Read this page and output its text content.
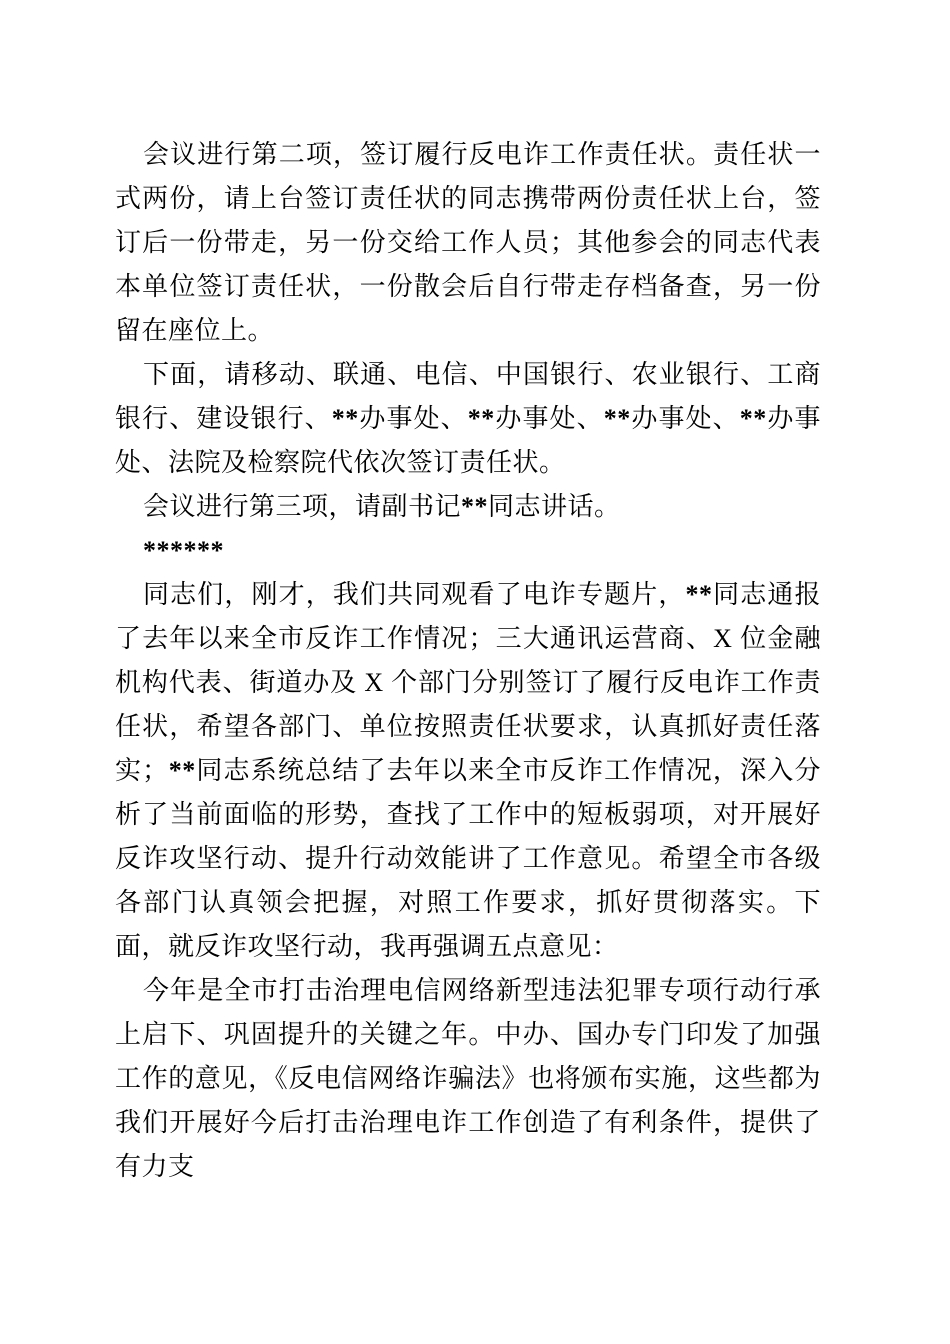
会议进行第二项，签订履行反电诈工作责任状。责任状一式两份，请上台签订责任状的同志携带两份责任状上台，签订后一份带走，另一份交给工作人员；其他参会的同志代表本单位签订责任状，一份散会后自行带走存档备查，另一份留在座位上。

下面，请移动、联通、电信、中国银行、农业银行、工商银行、建设银行、**办事处、**办事处、**办事处、**办事处、法院及检察院代依次签订责任状。

会议进行第三项，请副书记**同志讲话。

******

同志们，刚才，我们共同观看了电诈专题片，**同志通报了去年以来全市反诈工作情况；三大通讯运营商、X 位金融机构代表、街道办及 X 个部门分别签订了履行反电诈工作责任状，希望各部门、单位按照责任状要求，认真抓好责任落实；**同志系统总结了去年以来全市反诈工作情况，深入分析了当前面临的形势，查找了工作中的短板弱项，对开展好反诈攻坚行动、提升行动效能讲了工作意见。希望全市各级各部门认真领会把握，对照工作要求，抓好贯彻落实。下面，就反诈攻坚行动，我再强调五点意见：

今年是全市打击治理电信网络新型违法犯罪专项行动行承上启下、巩固提升的关键之年。中办、国办专门印发了加强工作的意见，《反电信网络诈骗法》也将颁布实施，这些都为我们开展好今后打击治理电诈工作创造了有利条件，提供了有力支
